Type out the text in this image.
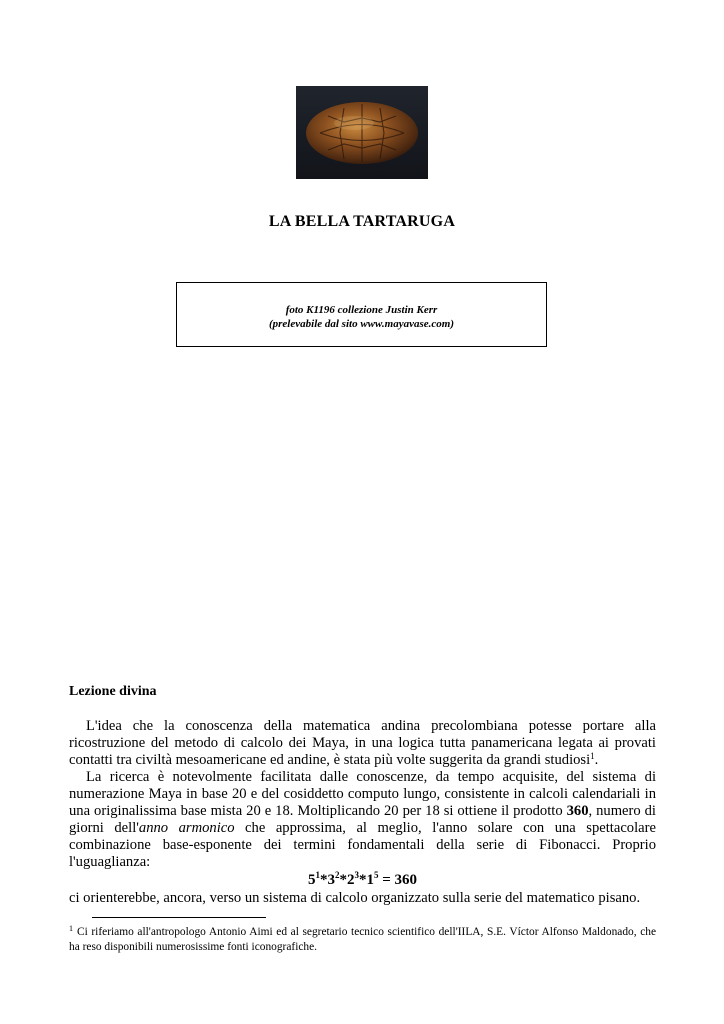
LA BELLA TARTARUGA
foto K1196 collezione Justin Kerr
(prelevabile dal sito www.mayavase.com)
Lezione divina

L'idea che la conoscenza della matematica andina precolombiana potesse portare alla ricostruzione del metodo di calcolo dei Maya, in una logica tutta panamericana legata ai provati contatti tra civiltà mesoamericane ed andine, è stata più volte suggerita da grandi studiosi$^1$.

La ricerca è notevolmente facilitata dalle conoscenze, da tempo acquisite, del sistema di numerazione Maya in base 20 e del cosiddetto computo lungo, consistente in calcoli calendariali in una originalissima base mista 20 e 18. Moltiplicando 20 per 18 si ottiene il prodotto 360, numero di giorni dell'anno armonico che approssima, al meglio, l'anno solare con una spettacolare combinazione base-esponente dei termini fondamentali della serie di Fibonacci. Proprio l'uguaglianza:

$5^1*3^2*2^3*1^5 = 360$

ci orienterebbe, ancora, verso un sistema di calcolo organizzato sulla serie del matematico pisano.

$^1$ Ci riferiamo all'antropologo Antonio Aimi ed al segretario tecnico scientifico dell'IILA, S.E. Víctor Alfonso Maldonado, che ha reso disponibili numerosissime fonti iconografiche.
